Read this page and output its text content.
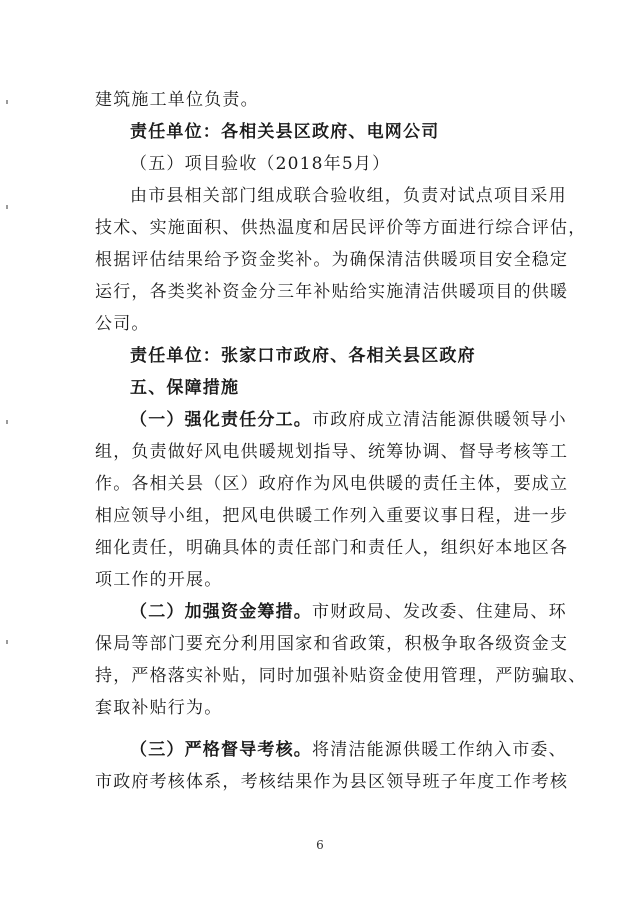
建筑施工单位负责。
责任单位：各相关县区政府、电网公司
（五）项目验收（2018年5月）
由市县相关部门组成联合验收组，负责对试点项目采用
技术、实施面积、供热温度和居民评价等方面进行综合评估，
根据评估结果给予资金奖补。为确保清洁供暖项目安全稳定
运行，各类奖补资金分三年补贴给实施清洁供暖项目的供暖
公司。
责任单位：张家口市政府、各相关县区政府
五、保障措施
（一）强化责任分工。市政府成立清洁能源供暖领导小
组，负责做好风电供暖规划指导、统筹协调、督导考核等工
作。各相关县（区）政府作为风电供暖的责任主体，要成立
相应领导小组，把风电供暖工作列入重要议事日程，进一步
细化责任，明确具体的责任部门和责任人，组织好本地区各
项工作的开展。
（二）加强资金筹措。市财政局、发改委、住建局、环
保局等部门要充分利用国家和省政策，积极争取各级资金支
持，严格落实补贴，同时加强补贴资金使用管理，严防骗取、
套取补贴行为。
（三）严格督导考核。将清洁能源供暖工作纳入市委、
市政府考核体系，考核结果作为县区领导班子年度工作考核
6
